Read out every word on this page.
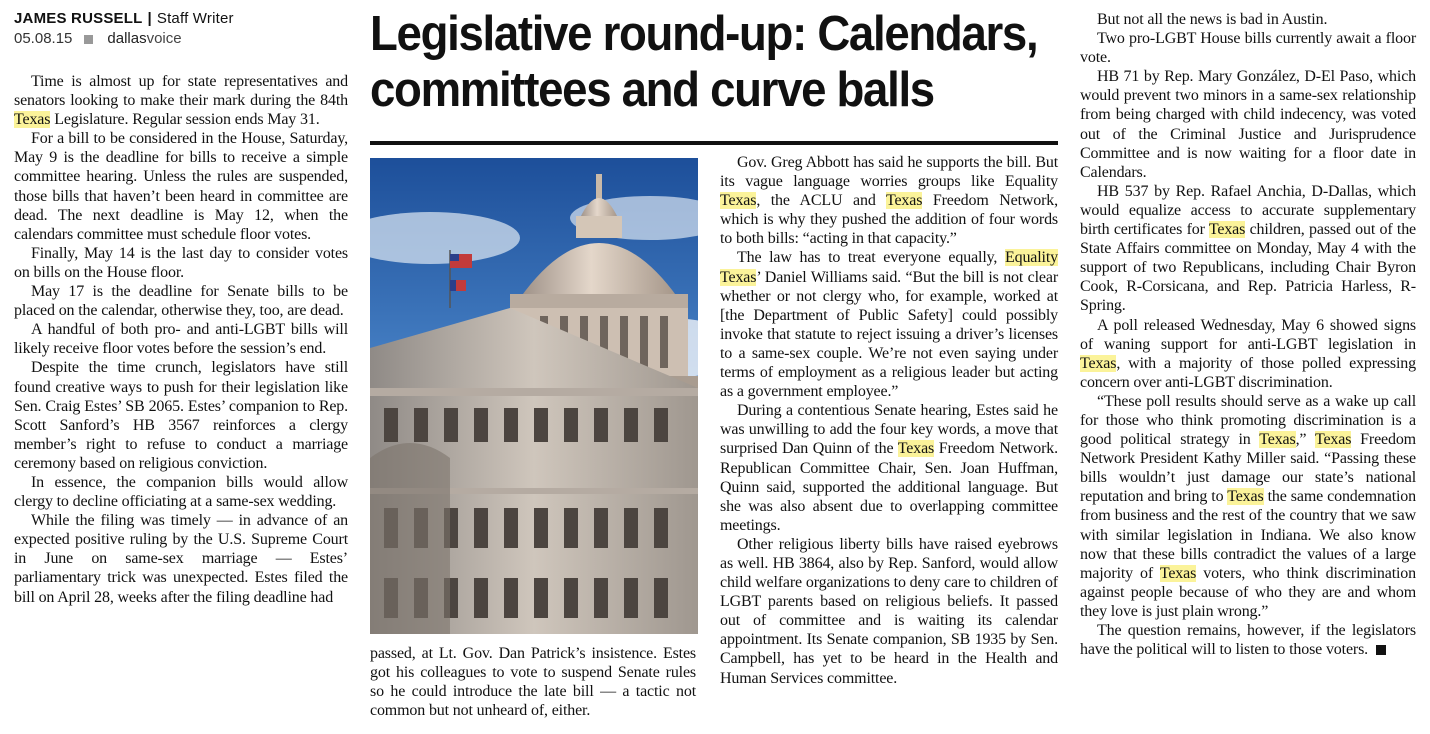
JAMES RUSSELL | Staff Writer
05.08.15 dallasvoice	Legislative round-up: Calendars,
committees and curve balls

Time is almost up for state representatives and senators looking to make their mark during the 84th Texas Legislature. Regular session ends May 31.

For a bill to be considered in the House, Saturday, May 9 is the deadline for bills to receive a simple committee hearing. Unless the rules are suspended, those bills that haven’t been heard in committee are dead. The next deadline is May 12, when the calendars committee must schedule floor votes.

Finally, May 14 is the last day to consider votes on bills on the House floor.

May 17 is the deadline for Senate bills to be placed on the calendar, otherwise they, too, are dead.

A handful of both pro- and anti-LGBT bills will likely receive floor votes before the session’s end.

Despite the time crunch, legislators have still found creative ways to push for their legislation like Sen. Craig Estes’ SB 2065. Estes’ companion to Rep. Scott Sanford’s HB 3567 reinforces a clergy member’s right to refuse to conduct a marriage ceremony based on religious conviction.

In essence, the companion bills would allow clergy to decline officiating at a same-sex wedding.

While the filing was timely — in advance of an expected positive ruling by the U.S. Supreme Court in June on same-sex marriage — Estes’ parliamentary trick was unexpected. Estes filed the bill on April 28, weeks after the filing deadline had

passed, at Lt. Gov. Dan Patrick’s insistence. Estes got his colleagues to vote to suspend Senate rules so he could introduce the late bill — a tactic not common but not unheard of, either.

Gov. Greg Abbott has said he supports the bill. But its vague language worries groups like Equality Texas, the ACLU and Texas Freedom Network, which is why they pushed the addition of four words to both bills: “acting in that capacity.”

The law has to treat everyone equally, Equality Texas’ Daniel Williams said. “But the bill is not clear whether or not clergy who, for example, worked at [the Department of Public Safety] could possibly invoke that statute to reject issuing a driver’s licenses to a same-sex couple. We’re not even saying under terms of employment as a religious leader but acting as a government employee.”

During a contentious Senate hearing, Estes said he was unwilling to add the four key words, a move that surprised Dan Quinn of the Texas Freedom Network. Republican Committee Chair, Sen. Joan Huffman, Quinn said, supported the additional language. But she was also absent due to overlapping committee meetings.

Other religious liberty bills have raised eyebrows as well. HB 3864, also by Rep. Sanford, would allow child welfare organizations to deny care to children of LGBT parents based on religious beliefs. It passed out of committee and is waiting its calendar appointment. Its Senate companion, SB 1935 by Sen. Campbell, has yet to be heard in the Health and Human Services committee.

But not all the news is bad in Austin.

Two pro-LGBT House bills currently await a floor vote.

HB 71 by Rep. Mary González, D-El Paso, which would prevent two minors in a same-sex relationship from being charged with child indecency, was voted out of the Criminal Justice and Jurisprudence Committee and is now waiting for a floor date in Calendars.

HB 537 by Rep. Rafael Anchia, D-Dallas, which would equalize access to accurate supplementary birth certificates for Texas children, passed out of the State Affairs committee on Monday, May 4 with the support of two Republicans, including Chair Byron Cook, R-Corsicana, and Rep. Patricia Harless, R-Spring.

A poll released Wednesday, May 6 showed signs of waning support for anti-LGBT legislation in Texas, with a majority of those polled expressing concern over anti-LGBT discrimination.

“These poll results should serve as a wake up call for those who think promoting discrimination is a good political strategy in Texas,” Texas Freedom Network President Kathy Miller said. “Passing these bills wouldn’t just damage our state’s national reputation and bring to Texas the same condemnation from business and the rest of the country that we saw with similar legislation in Indiana. We also know now that these bills contradict the values of a large majority of Texas voters, who think discrimination against people because of who they are and whom they love is just plain wrong.”

The question remains, however, if the legislators have the political will to listen to those voters.
